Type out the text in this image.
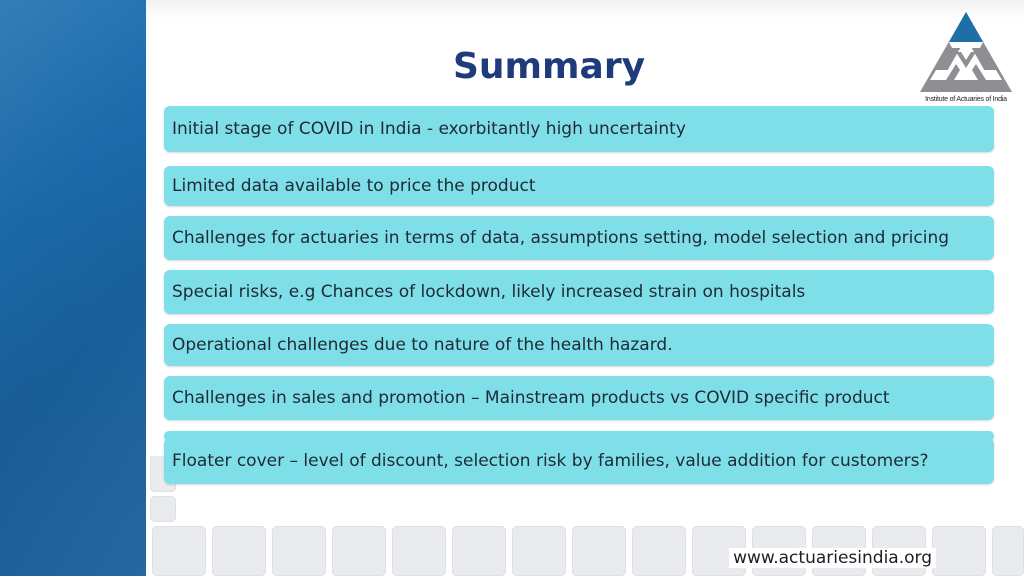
Summary
Institute of Actuaries of India
Initial stage of COVID in India - exorbitantly high uncertainty
Limited data available to price the product
Challenges for actuaries in terms of data, assumptions setting, model selection and pricing
Special risks, e.g Chances of lockdown, likely increased strain on hospitals
Operational challenges due to nature of the health hazard.
Challenges in sales and promotion – Mainstream products vs COVID specific product
Floater cover – level of discount, selection risk by families, value addition for customers?
www.actuariesindia.org
